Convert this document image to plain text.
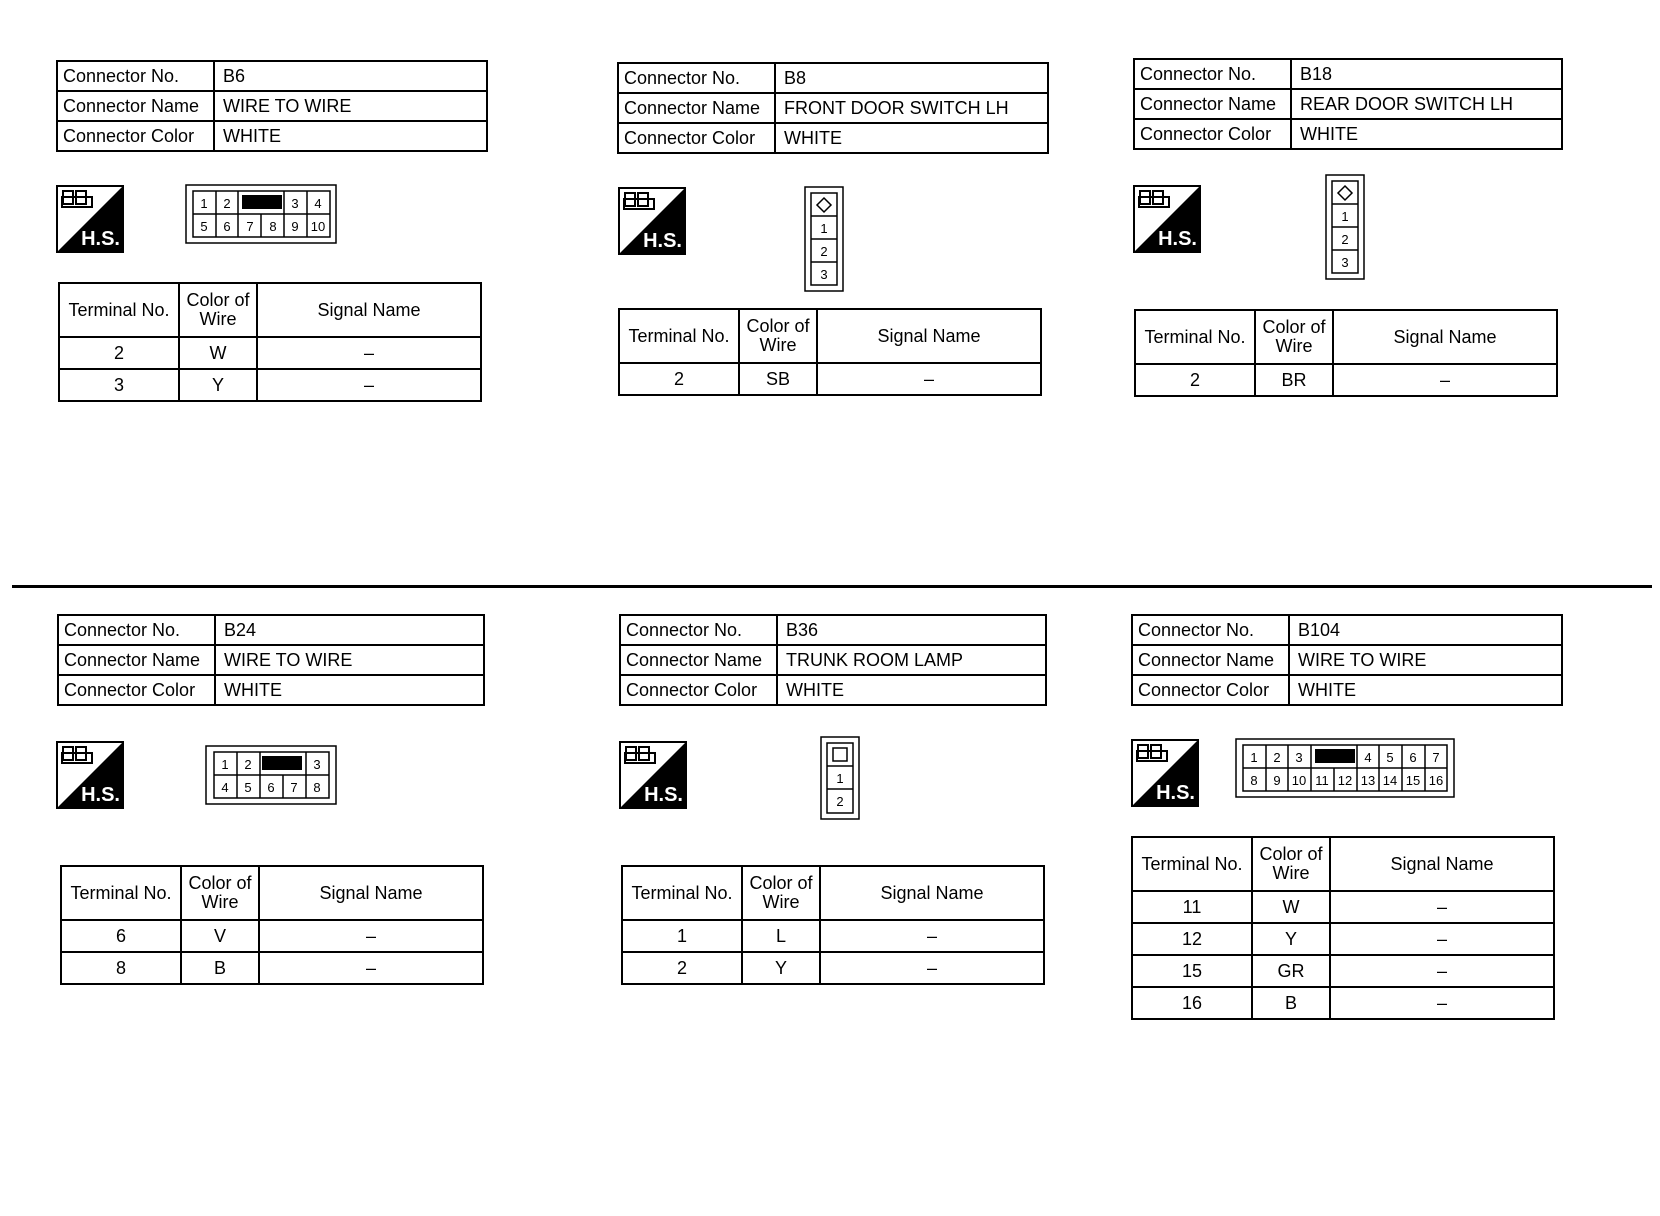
Connector No.	B6
Connector Name	WIRE TO WIRE
Connector Color	WHITE
H.S.
1 2	3 4
5 6 7 8 9 10
Terminal No.	Color of Wire	Signal Name
2	W	–
3	Y	–
Connector No.	B8
Connector Name	FRONT DOOR SWITCH LH
Connector Color	WHITE
H.S.
1
2
3
Terminal No.	Color of Wire	Signal Name
2	SB	–
Connector No.	B18
Connector Name	REAR DOOR SWITCH LH
Connector Color	WHITE
H.S.
1
2
3
Terminal No.	Color of Wire	Signal Name
2	BR	–
Connector No.	B24
Connector Name	WIRE TO WIRE
Connector Color	WHITE
H.S.
1 2	3
4 5 6 7 8
Terminal No.	Color of Wire	Signal Name
6	V	–
8	B	–
Connector No.	B36
Connector Name	TRUNK ROOM LAMP
Connector Color	WHITE
H.S.
1
2
Terminal No.	Color of Wire	Signal Name
1	L	–
2	Y	–
Connector No.	B104
Connector Name	WIRE TO WIRE
Connector Color	WHITE
H.S.
1 2 3	4 5 6 7
8 9 10 11 12 13 14 15 16
Terminal No.	Color of Wire	Signal Name
11	W	–
12	Y	–
15	GR	–
16	B	–
